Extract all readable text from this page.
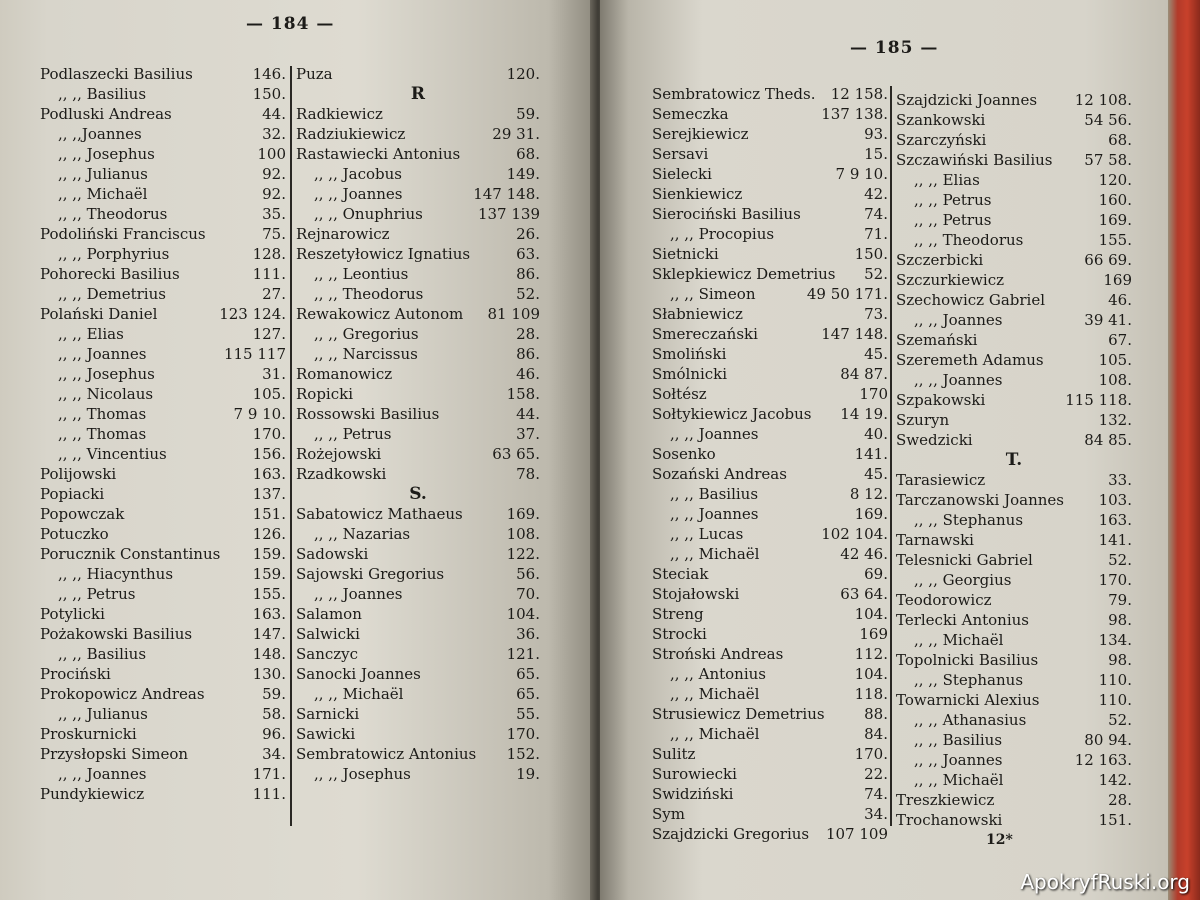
— 184 —
Podlaszecki Basilius	146.
,, ,, Basilius	150.
Podluski Andreas	44.
,, ,,Joannes	32.
,, ,, Josephus	100
,, ,, Julianus	92.
,, ,, Michaël	92.
,, ,, Theodorus	35.
Podoliński Franciscus	75.
,, ,, Porphyrius	128.
Pohorecki Basilius	111.
,, ,, Demetrius	27.
Polański Daniel	123 124.
,, ,, Elias	127.
,, ,, Joannes	115 117
,, ,, Josephus	31.
,, ,, Nicolaus	105.
,, ,, Thomas	7 9 10.
,, ,, Thomas	170.
,, ,, Vincentius	156.
Polijowski	163.
Popiacki	137.
Popowczak	151.
Potuczko	126.
Porucznik Constantinus 159.
,, ,, Hiacynthus	159.
,, ,, Petrus	155.
Potylicki	163.
Pożakowski Basilius	147.
,, ,, Basilius	148.
Prociński	130.
Prokopowicz Andreas	59.
,, ,, Julianus	58.
Proskurnicki	96.
Przysłopski Simeon	34.
,, ,, Joannes	171.
Pundykiewicz	111.
Puza	120.
R
Radkiewicz	59.
Radziukiewicz	29 31.
Rastawiecki Antonius	68.
,, ,, Jacobus	149.
,, ,, Joannes	147 148.
,, ,, Onuphrius	137 139
Rejnarowicz	26.
Reszetyłowicz Ignatius	63.
,, ,, Leontius	86.
,, ,, Theodorus	52.
Rewakowicz Autonom 81 109
,, ,, Gregorius	28.
,, ,, Narcissus	86.
Romanowicz	46.
Ropicki	158.
Rossowski Basilius	44.
,, ,, Petrus	37.
Rożejowski	63 65.
Rzadkowski	78.
S.
Sabatowicz Mathaeus	169.
,, ,, Nazarias	108.
Sadowski	122.
Sajowski Gregorius	56.
,, ,, Joannes	70.
Salamon	104.
Salwicki	36.
Sanczyc	121.
Sanocki Joannes	65.
,, ,, Michaël	65.
Sarnicki	55.
Sawicki	170.
Sembratowicz Antonius 152.
,, ,, Josephus	19.
— 185 —
Sembratowicz Theds. 12 158.
Semeczka	137 138.
Serejkiewicz	93.
Sersavi	15.
Sielecki	7 9 10.
Sienkiewicz	42.
Sierociński Basilius	74.
,, ,, Procopius	71.
Sietnicki	150.
Sklepkiewicz Demetrius 52.
,, ,, Simeon	49 50 171.
Słabniewicz	73.
Smereczański	147 148.
Smoliński	45.
Smólnicki	84 87.
Sołtész	170
Sołtykiewicz Jacobus 14 19.
,, ,, Joannes	40.
Sosenko	141.
Sozański Andreas	45.
,, ,, Basilius	8 12.
,, ,, Joannes	169.
,, ,, Lucas	102 104.
,, ,, Michaël	42 46.
Steciak	69.
Stojałowski	63 64.
Streng	104.
Strocki	169
Stroński Andreas	112.
,, ,, Antonius	104.
,, ,, Michaël	118.
Strusiewicz Demetrius	88.
,, ,, Michaël	84.
Sulitz	170.
Surowiecki	22.
Swidziński	74.
Sym	34.
Szajdzicki Gregorius 107 109
Szajdzicki Joannes	12 108.
Szankowski	54 56.
Szarczyński	68.
Szczawiński Basilius 57 58.
,, ,, Elias	120.
,, ,, Petrus	160.
,, ,, Petrus	169.
,, ,, Theodorus	155.
Szczerbicki	66 69.
Szczurkiewicz	169
Szechowicz Gabriel	46.
,, ,, Joannes	39 41.
Szemański	67.
Szeremeth Adamus	105.
,, ,, Joannes	108.
Szpakowski	115 118.
Szuryn	132.
Swedzicki	84 85.
T.
Tarasiewicz	33.
Tarczanowski Joannes 103.
,, ,, Stephanus	163.
Tarnawski	141.
Telesnicki Gabriel	52.
,, ,, Georgius	170.
Teodorowicz	79.
Terlecki Antonius	98.
,, ,, Michaël	134.
Topolnicki Basilius	98.
,, ,, Stephanus	110.
Towarnicki Alexius	110.
,, ,, Athanasius	52.
,, ,, Basilius	80 94.
,, ,, Joannes	12 163.
,, ,, Michaël	142.
Treszkiewicz	28.
Trochanowski	151.
12*
ApokryfRuski.org
